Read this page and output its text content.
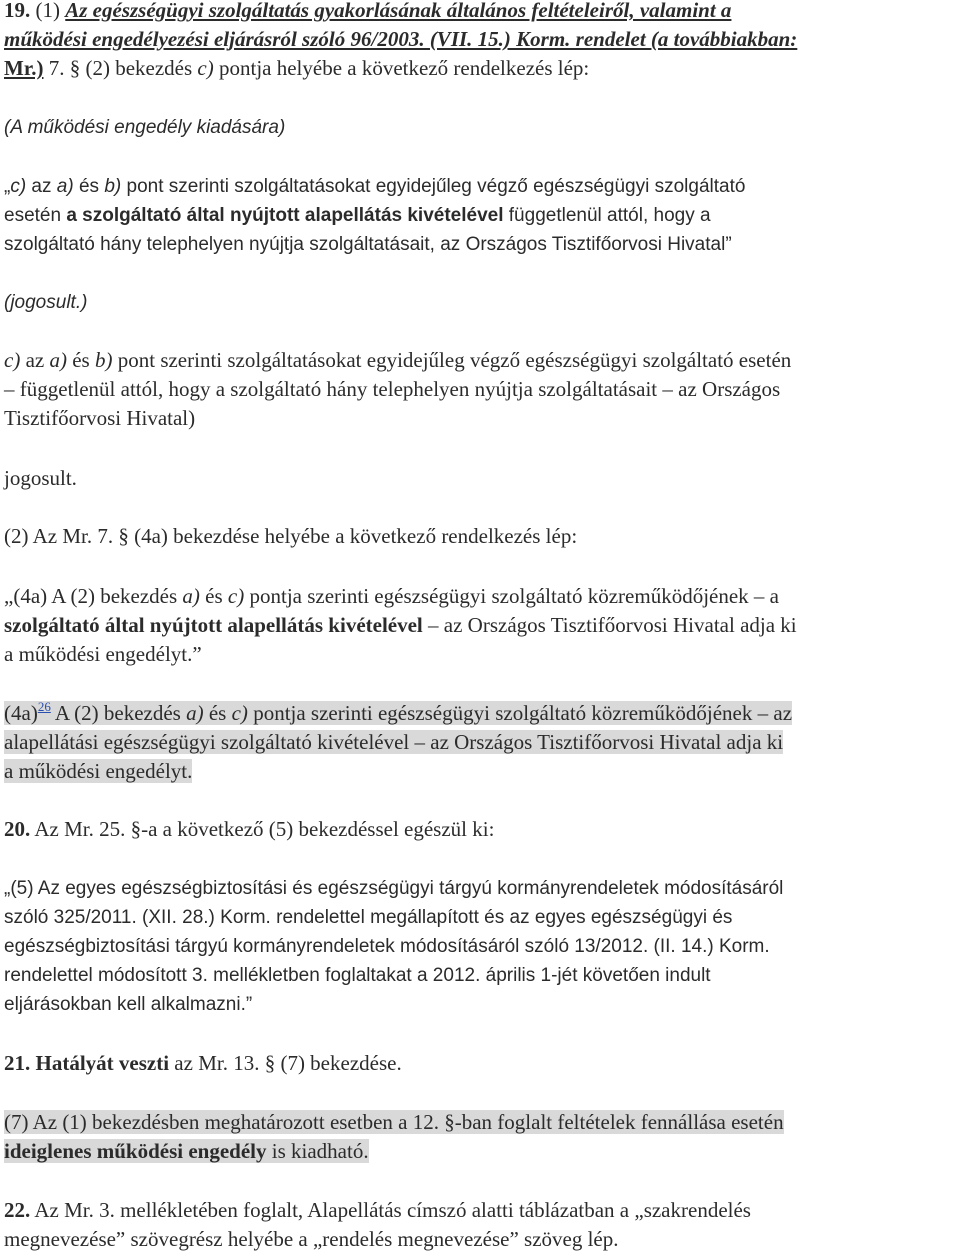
19. (1) Az egészségügyi szolgáltatás gyakorlásának általános feltételeiről, valamint a
működési engedélyezési eljárásról szóló 96/2003. (VII. 15.) Korm. rendelet (a továbbiakban:
Mr.) 7. § (2) bekezdés c) pontja helyébe a következő rendelkezés lép:
(A működési engedély kiadására)
„c) az a) és b) pont szerinti szolgáltatásokat egyidejűleg végző egészségügyi szolgáltató
esetén a szolgáltató által nyújtott alapellátás kivételével függetlenül attól, hogy a
szolgáltató hány telephelyen nyújtja szolgáltatásait, az Országos Tisztifőorvosi Hivatal”
(jogosult.)
c) az a) és b) pont szerinti szolgáltatásokat egyidejűleg végző egészségügyi szolgáltató esetén
– függetlenül attól, hogy a szolgáltató hány telephelyen nyújtja szolgáltatásait – az Országos
Tisztifőorvosi Hivatal)
jogosult.
(2) Az Mr. 7. § (4a) bekezdése helyébe a következő rendelkezés lép:
„(4a) A (2) bekezdés a) és c) pontja szerinti egészségügyi szolgáltató közreműködőjének – a
szolgáltató által nyújtott alapellátás kivételével – az Országos Tisztifőorvosi Hivatal adja ki
a működési engedélyt.”
(4a)$^{26}$ A (2) bekezdés a) és c) pontja szerinti egészségügyi szolgáltató közreműködőjének – az
alapellátási egészségügyi szolgáltató kivételével – az Országos Tisztifőorvosi Hivatal adja ki
a működési engedélyt.
20. Az Mr. 25. §-a a következő (5) bekezdéssel egészül ki:
„(5) Az egyes egészségbiztosítási és egészségügyi tárgyú kormányrendeletek módosításáról
szóló 325/2011. (XII. 28.) Korm. rendelettel megállapított és az egyes egészségügyi és
egészségbiztosítási tárgyú kormányrendeletek módosításáról szóló 13/2012. (II. 14.) Korm.
rendelettel módosított 3. mellékletben foglaltakat a 2012. április 1-jét követően indult
eljárásokban kell alkalmazni.”
21. Hatályát veszti az Mr. 13. § (7) bekezdése.
(7) Az (1) bekezdésben meghatározott esetben a 12. §-ban foglalt feltételek fennállása esetén
ideiglenes működési engedély is kiadható.
22. Az Mr. 3. mellékletében foglalt, Alapellátás címszó alatti táblázatban a „szakrendelés
megnevezése” szövegrész helyébe a „rendelés megnevezése” szöveg lép.
